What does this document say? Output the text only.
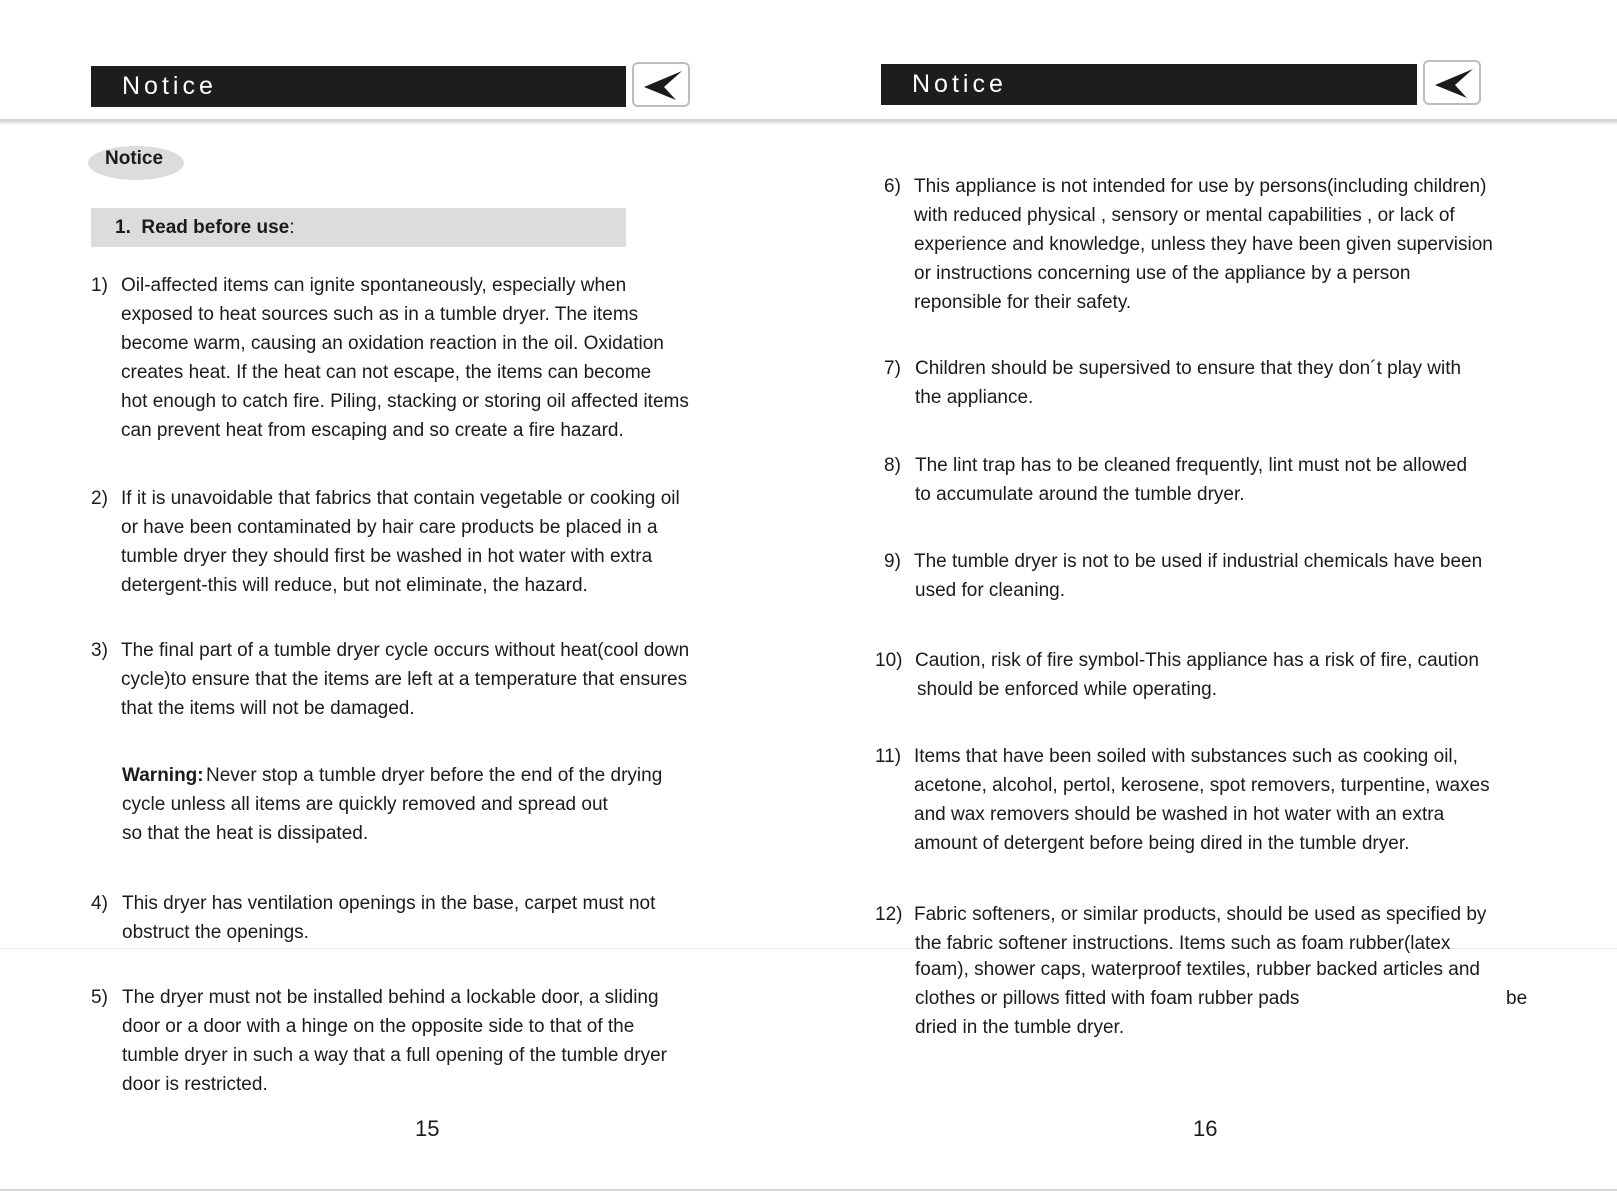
Notice	Notice
Notice
1. Read before use:
1) Oil-affected items can ignite spontaneously, especially when
exposed to heat sources such as in a tumble dryer. The items
become warm, causing an oxidation reaction in the oil. Oxidation
creates heat. If the heat can not escape, the items can become
hot enough to catch fire. Piling, stacking or storing oil affected items
can prevent heat from escaping and so create a fire hazard.
2) If it is unavoidable that fabrics that contain vegetable or cooking oil
or have been contaminated by hair care products be placed in a
tumble dryer they should first be washed in hot water with extra
detergent-this will reduce, but not eliminate, the hazard.
3) The final part of a tumble dryer cycle occurs without heat(cool down
cycle)to ensure that the items are left at a temperature that ensures
that the items will not be damaged.
Warning: Never stop a tumble dryer before the end of the drying
cycle unless all items are quickly removed and spread out
so that the heat is dissipated.
4) This dryer has ventilation openings in the base, carpet must not
obstruct the openings.
5) The dryer must not be installed behind a lockable door, a sliding
door or a door with a hinge on the opposite side to that of the
tumble dryer in such a way that a full opening of the tumble dryer
door is restricted.
15
6) This appliance is not intended for use by persons(including children)
with reduced physical , sensory or mental capabilities , or lack of
experience and knowledge, unless they have been given supervision
or instructions concerning use of the appliance by a person
reponsible for their safety.
7) Children should be supersived to ensure that they don´t play with
the appliance.
8) The lint trap has to be cleaned frequently, lint must not be allowed
to accumulate around the tumble dryer.
9) The tumble dryer is not to be used if industrial chemicals have been
used for cleaning.
10) Caution, risk of fire symbol-This appliance has a risk of fire, caution
should be enforced while operating.
11) Items that have been soiled with substances such as cooking oil,
acetone, alcohol, pertol, kerosene, spot removers, turpentine, waxes
and wax removers should be washed in hot water with an extra
amount of detergent before being dired in the tumble dryer.
12) Fabric softeners, or similar products, should be used as specified by
the fabric softener instructions. Items such as foam rubber(latex
foam), shower caps, waterproof textiles, rubber backed articles and
clothes or pillows fitted with foam rubber pads	be
dried in the tumble dryer.
16
